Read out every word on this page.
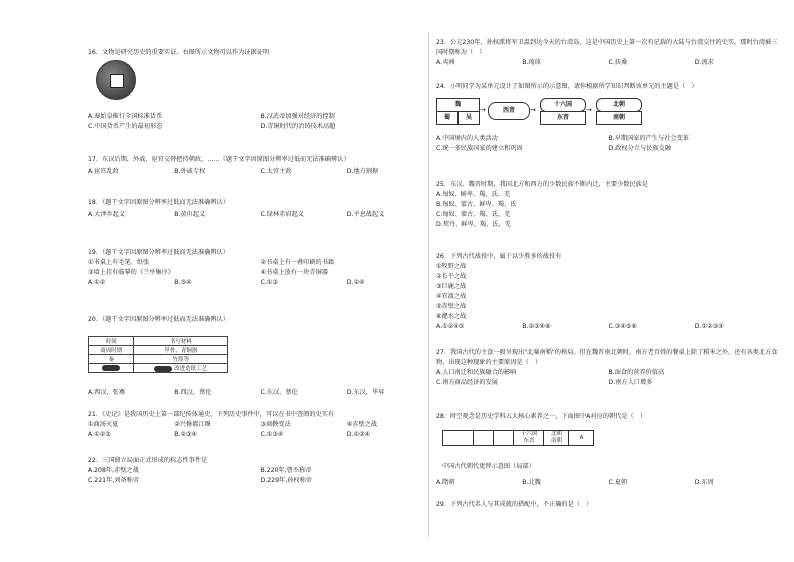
16．文物是研究历史的重要实证。右图所示文物可以作为证据证明
A.秦始皇推行全国标准货币	B.汉武帝加强对经济的控制
C.中国货币产生的最初形态	D.青铜时代的冶铸技术高超
17．东汉后期，外戚、宦官交替把持朝政，……（题干文字因原图分辨率过低而无法准确辨认）
A.宦官乱政	B.外戚专权	C.太官主政	D.地方割据
18．（题干文字因原图分辨率过低而无法准确辨认）
A.大泽乡起义	B.黄巾起义	C.绿林赤眉起义	D.平息战起义
19．（题干文字因原图分辨率过低而无法准确辨认）
①书桌上有毛笔、纸张	②书桌上有一叠印刷的书籍
③墙上挂有临摹的《兰亭集序》	④书桌上放有一块青铜器
A.①②	B.③④	C.①③	D.②④
20．（题干文字因原图分辨率过低而无法准确辨认）
时间	书写材料
商周时期	甲骨、青铜器
秦	竹简等
	改进造纸工艺
A.西汉，张骞	B.西汉，蔡伦	C.东汉，蔡伦	D.东汉，毕昇
21．《史记》是我国历史上第一部纪传体通史。下列历史事件中，可以在书中查阅的史实有
①商汤灭夏	②兴修都江堰	③商鞅变法	④赤壁之战
A.①②③	B.②③④	C.①③④	D.①②④
22．三国鼎立局面正式形成的标志性事件是
A.208年,赤壁之战	B.220年,曹丕称帝
C.221年,刘备称帝	D.229年,孙权称帝
23．公元230年，孙权派将军卫温到达今天的台湾岛，这是中国历史上第一次有记载的大陆与台湾交往的史实。那时台湾被三国时期称为（　）
A.夷洲	B.琉球	C.扶桑	D.流求
24．小明同学为某单元设计了如图所示的示意图，请你根据所学知识判断该单元的主题是（　）
魏
蜀	吴
→	西晋	→
十六国
东晋
→
北朝
南朝
A.中国境内的人类活动	B.早期国家的产生与社会变革
C.统一多民族国家的建立和巩固	D.政权分立与民族交融
25．东汉、魏晋时期，我国北方和西方的少数民族不断内迁，主要少数民族是
A.匈奴、鲜卑、羯、氐、羌
B.匈奴、蒙古、鲜卑、羯、氐
C.匈奴、蒙古、羯、氐、羌
D.契丹、鲜卑、羯、氐、羌
26．下列古代战役中，属于以少胜多的战役有
①牧野之战
②长平之战
③巨鹿之战
④官渡之战
⑤赤壁之战
⑥淝水之战
A.①②④⑤	B.②③④⑥	C.③④⑤⑥	D.①②③④
27．我国古代的主食一般呈现出"北粟南稻"的格局。但在魏晋南北朝时，南方老百姓的餐桌上除了稻米之外，还有各类北方食物，出现这种现象的主要原因是（　）
A.人口南迁和民族融合的影响	B.面食的营养价值高
C.南方商品经济的发展	D.南方人口增多
28．时空观念是历史学科五大核心素养之一，下面图中A对应的朝代是（　）
十六国
东晋
北朝
南朝	A
中国古代朝代更替示意图（局部）
A.隋朝	B.北魏	C.夏朝	D.东周
29．下列古代名人与其成就的搭配中，不正确的是（　）
